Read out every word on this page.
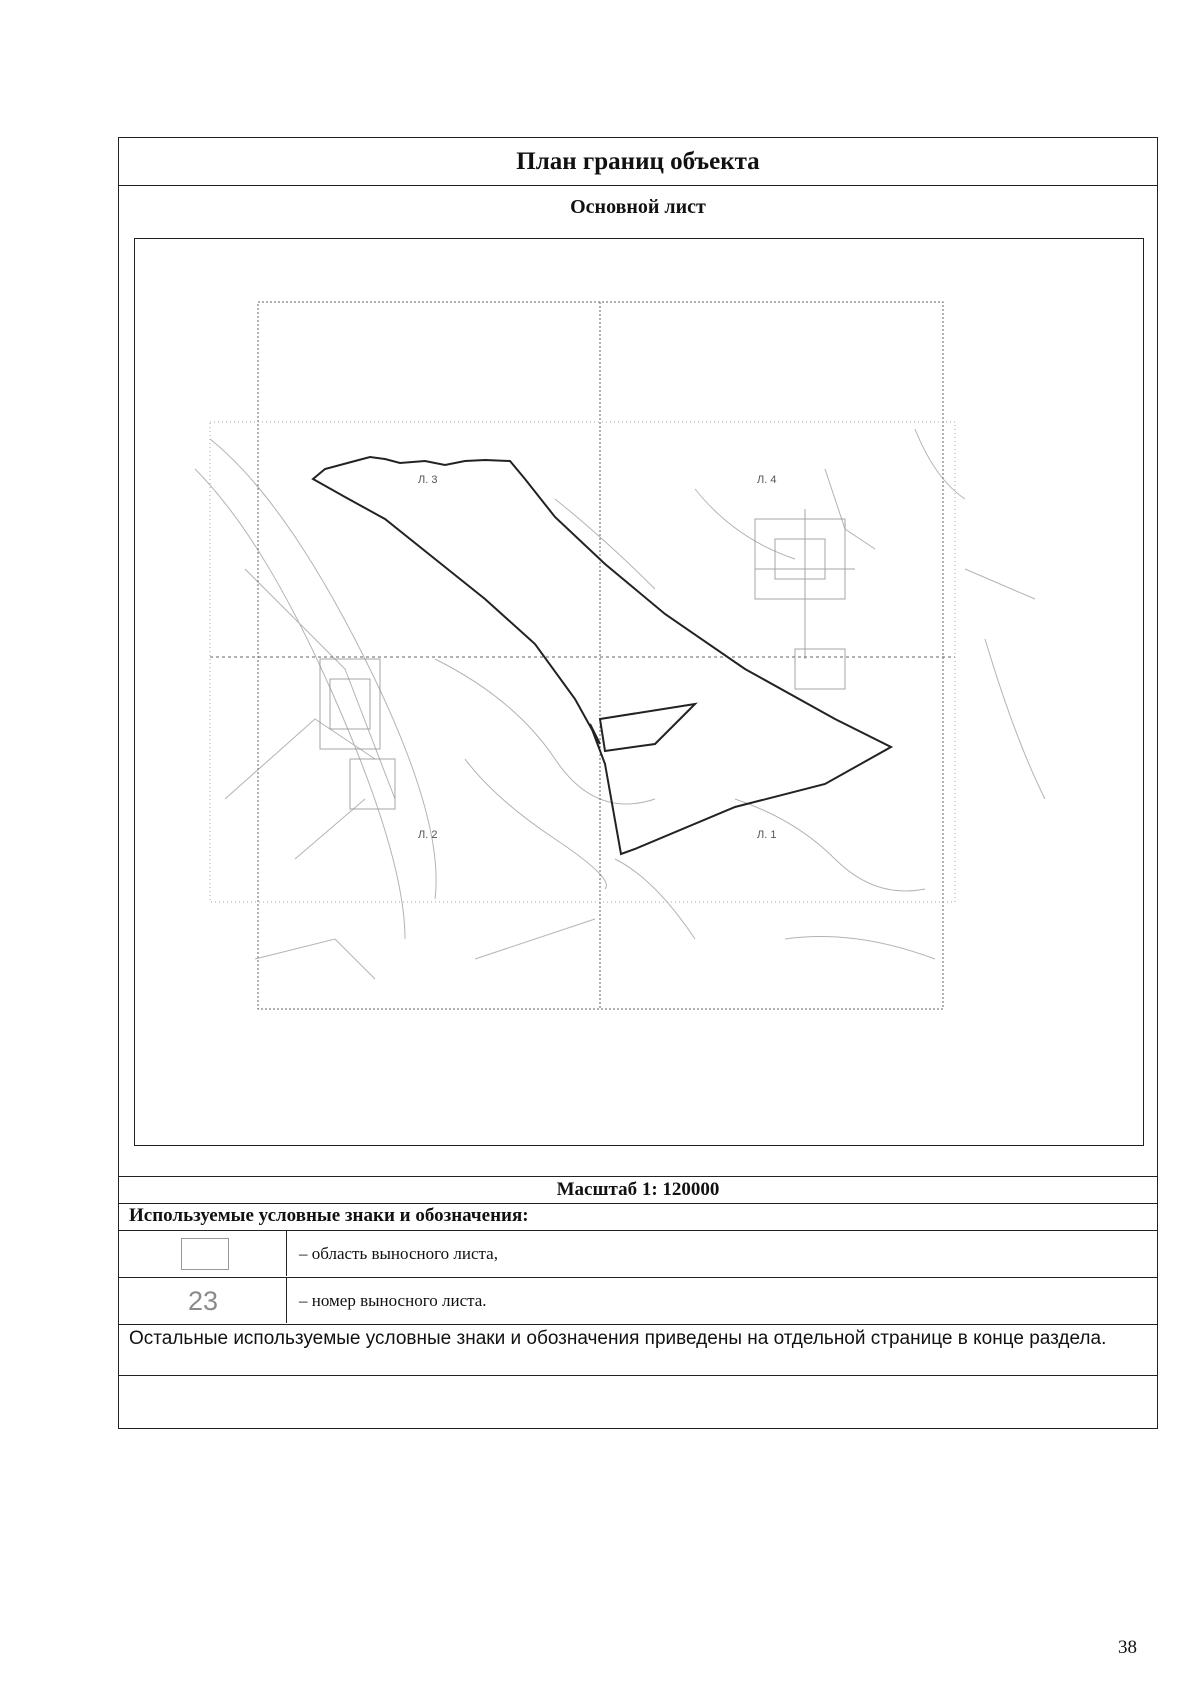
План границ объекта
Основной лист
Л. 3	Л. 4
Л. 2	Л. 1
Масштаб 1: 120000
Используемые условные знаки и обозначения:
– область выносного листа,
23	– номер выносного листа.
Остальные используемые условные знаки и обозначения приведены на отдельной странице в конце раздела.
38
